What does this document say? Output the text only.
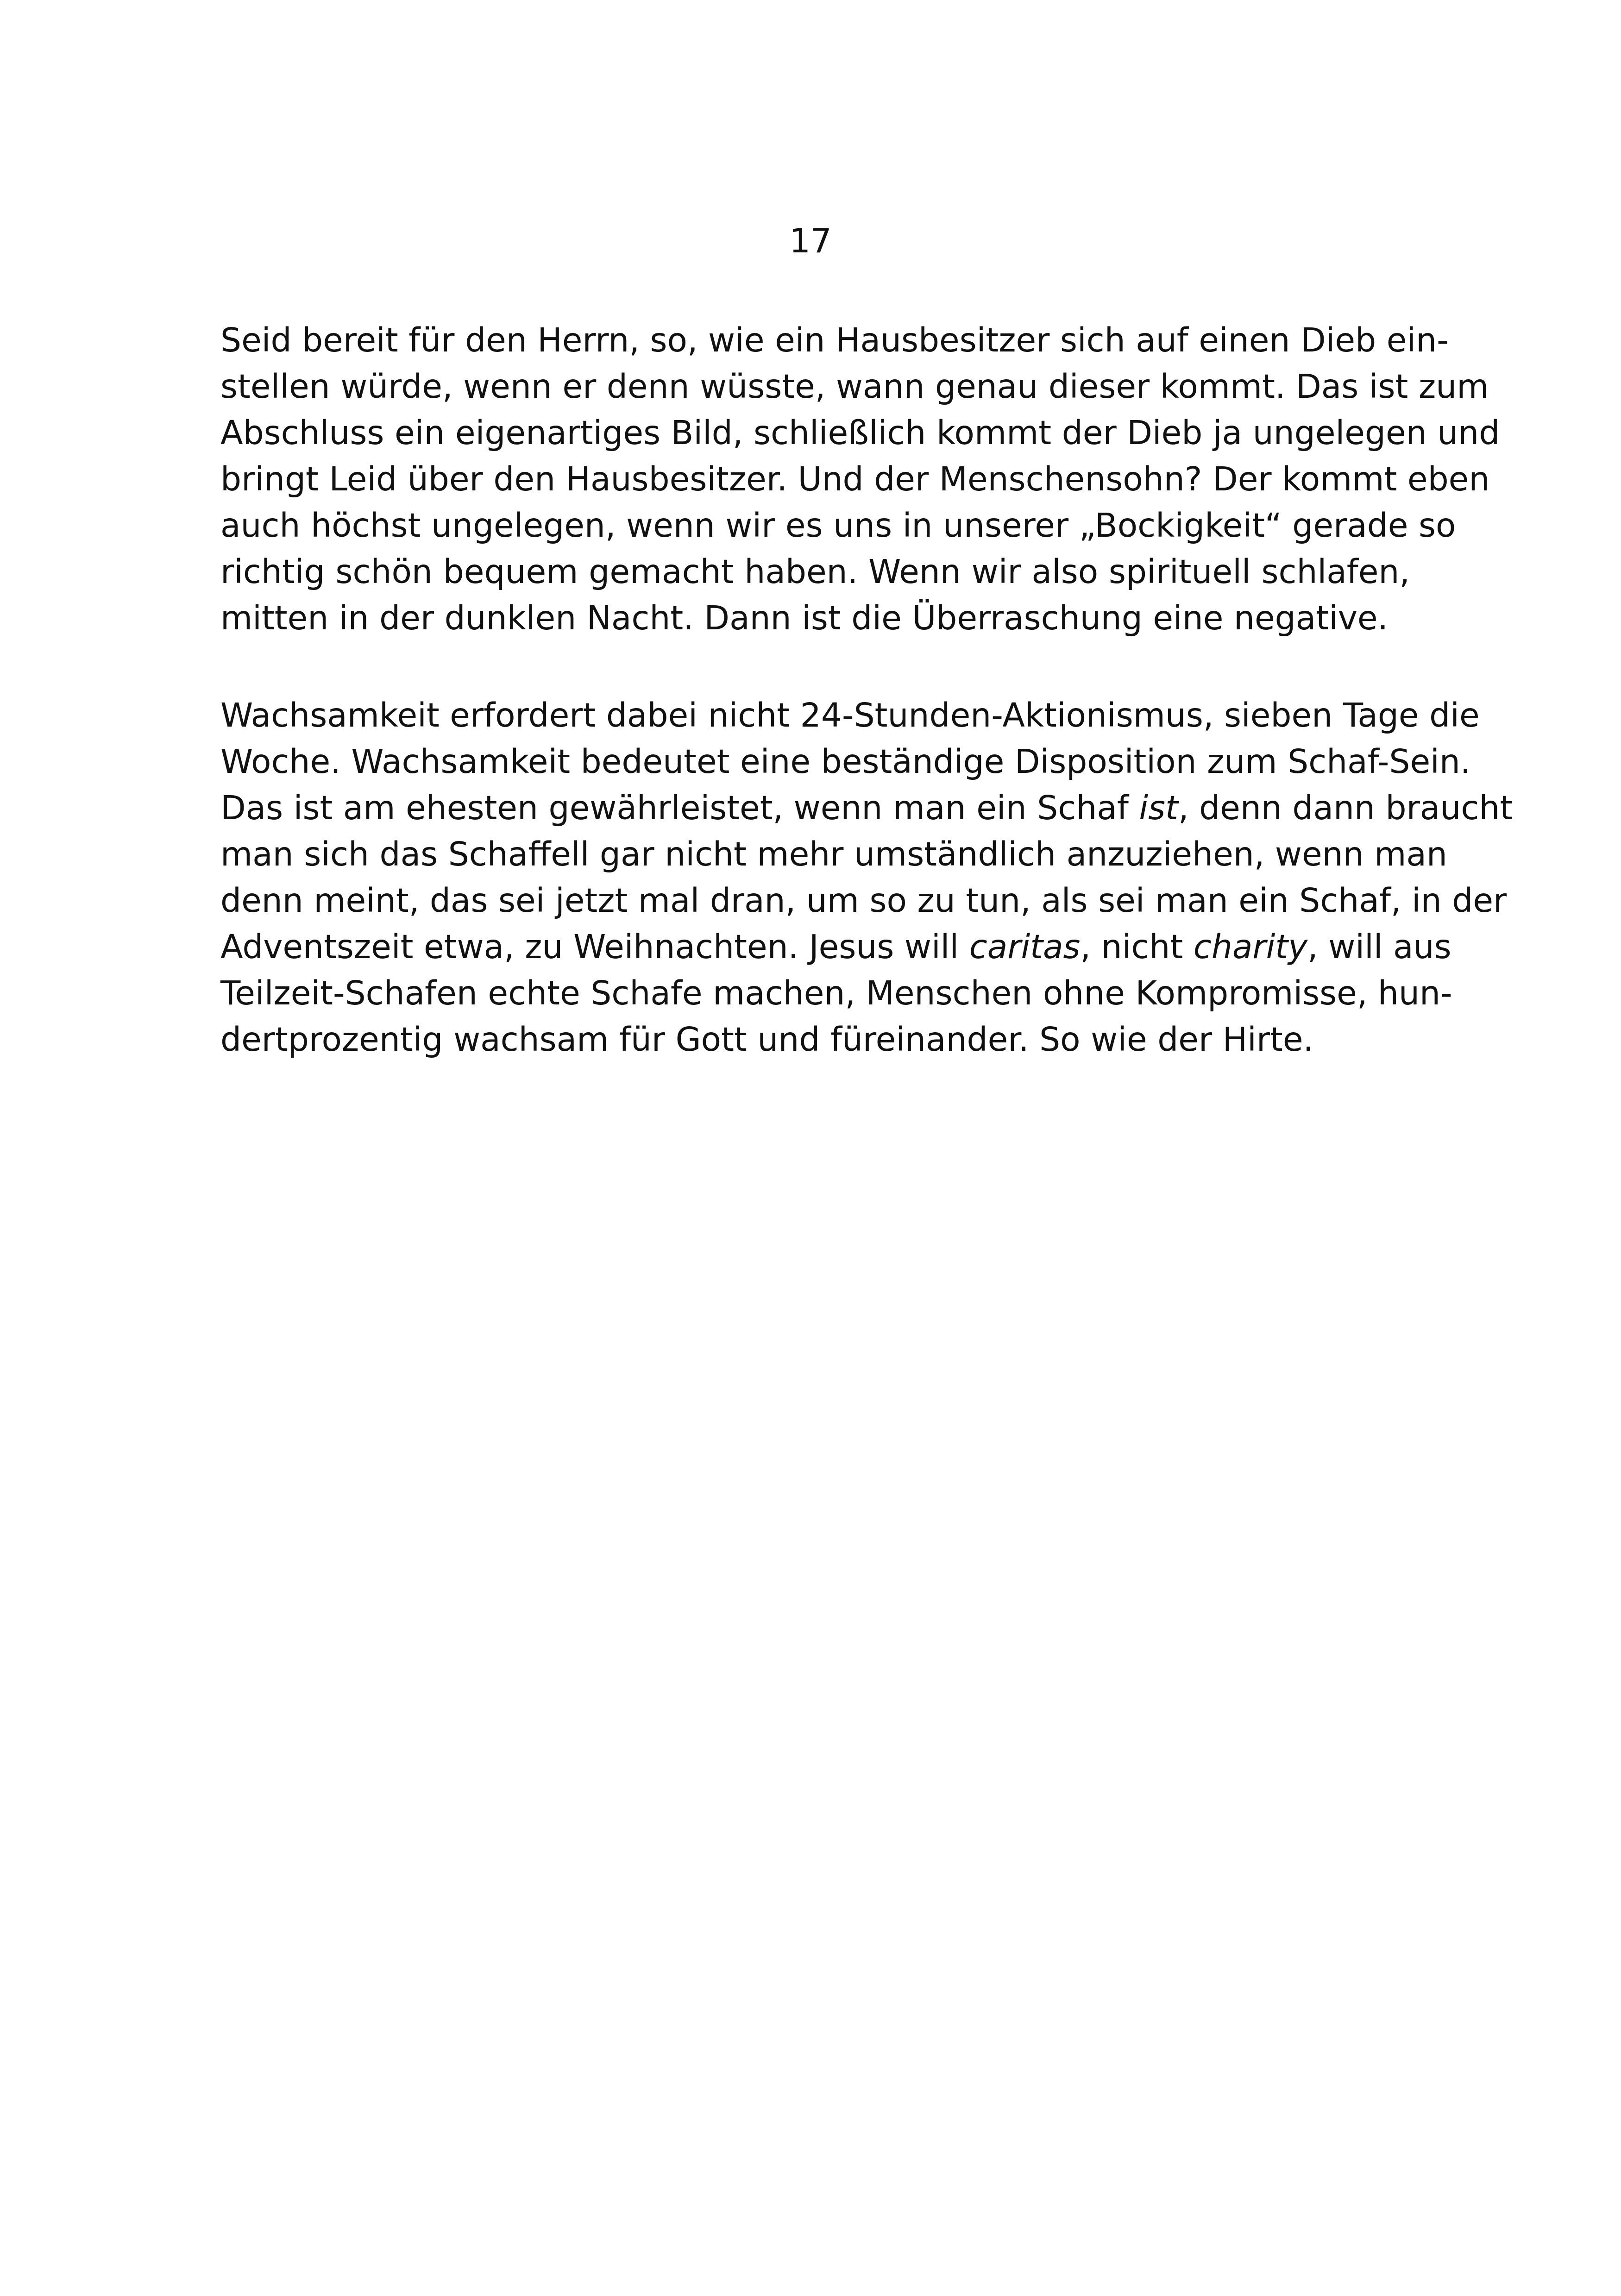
17

Seid bereit für den Herrn, so, wie ein Hausbesitzer sich auf einen Dieb ein-

stellen würde, wenn er denn wüsste, wann genau dieser kommt. Das ist zum

Abschluss ein eigenartiges Bild, schließlich kommt der Dieb ja ungelegen und

bringt Leid über den Hausbesitzer. Und der Menschensohn? Der kommt eben

auch höchst ungelegen, wenn wir es uns in unserer „Bockigkeit“ gerade so

richtig schön bequem gemacht haben. Wenn wir also spirituell schlafen,

mitten in der dunklen Nacht. Dann ist die Überraschung eine negative.

Wachsamkeit erfordert dabei nicht 24-Stunden-Aktionismus, sieben Tage die

Woche. Wachsamkeit bedeutet eine beständige Disposition zum Schaf-Sein.

Das ist am ehesten gewährleistet, wenn man ein Schaf ist, denn dann braucht

man sich das Schaffell gar nicht mehr umständlich anzuziehen, wenn man

denn meint, das sei jetzt mal dran, um so zu tun, als sei man ein Schaf, in der

Adventszeit etwa, zu Weihnachten. Jesus will caritas, nicht charity, will aus

Teilzeit-Schafen echte Schafe machen, Menschen ohne Kompromisse, hun-

dertprozentig wachsam für Gott und füreinander. So wie der Hirte.
